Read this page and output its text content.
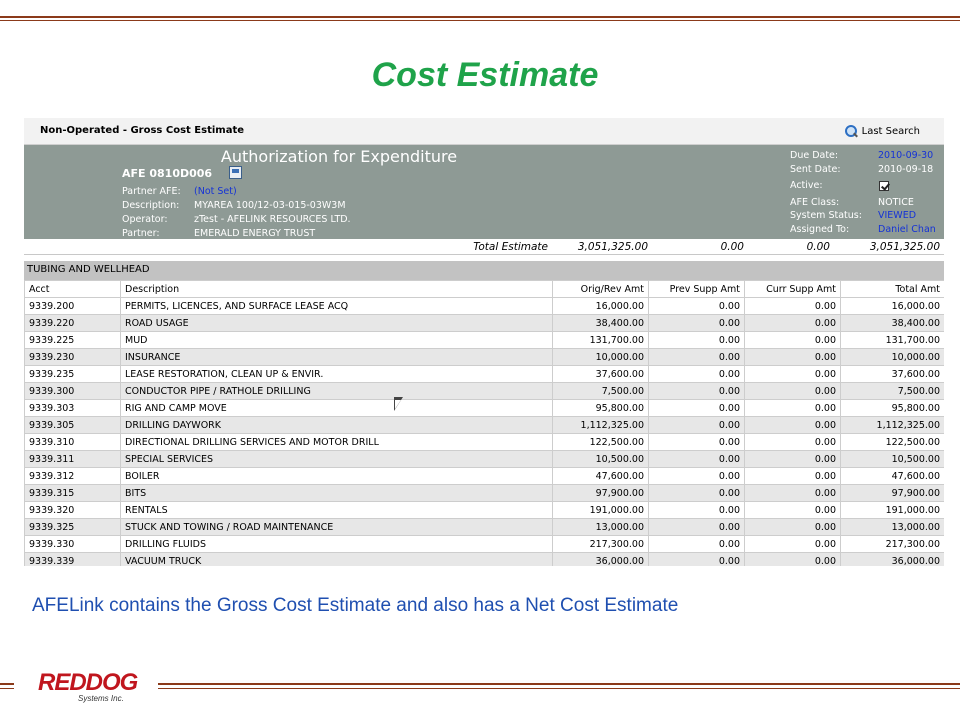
Cost Estimate
Non-Operated - Gross Cost Estimate	Last Search
Authorization for Expenditure
AFE 0810D006
Partner AFE: (Not Set)
Description: MYAREA 100/12-03-015-03W3M
Operator:	zTest - AFELINK RESOURCES LTD.
Partner:	EMERALD ENERGY TRUST
Due Date:	2010-09-30
Sent Date:	2010-09-18
Active:
AFE Class:	NOTICE
System Status: VIEWED
Assigned To:	Daniel Chan
Total Estimate	3,051,325.00	0.00	0.00	3,051,325.00
TUBING AND WELLHEAD
Acct	Description	Orig/Rev Amt	Prev Supp Amt	Curr Supp Amt	Total Amt
9339.200	PERMITS, LICENCES, AND SURFACE LEASE ACQ	16,000.00	0.00	0.00	16,000.00
9339.220	ROAD USAGE	38,400.00	0.00	0.00	38,400.00
9339.225	MUD	131,700.00	0.00	0.00	131,700.00
9339.230	INSURANCE	10,000.00	0.00	0.00	10,000.00
9339.235	LEASE RESTORATION, CLEAN UP & ENVIR.	37,600.00	0.00	0.00	37,600.00
9339.300	CONDUCTOR PIPE / RATHOLE DRILLING	7,500.00	0.00	0.00	7,500.00
9339.303	RIG AND CAMP MOVE	95,800.00	0.00	0.00	95,800.00
9339.305	DRILLING DAYWORK	1,112,325.00	0.00	0.00	1,112,325.00
9339.310	DIRECTIONAL DRILLING SERVICES AND MOTOR DRILL	122,500.00	0.00	0.00	122,500.00
9339.311	SPECIAL SERVICES	10,500.00	0.00	0.00	10,500.00
9339.312	BOILER	47,600.00	0.00	0.00	47,600.00
9339.315	BITS	97,900.00	0.00	0.00	97,900.00
9339.320	RENTALS	191,000.00	0.00	0.00	191,000.00
9339.325	STUCK AND TOWING / ROAD MAINTENANCE	13,000.00	0.00	0.00	13,000.00
9339.330	DRILLING FLUIDS	217,300.00	0.00	0.00	217,300.00
9339.339	VACUUM TRUCK	36,000.00	0.00	0.00	36,000.00
AFELink contains the Gross Cost Estimate and also has a Net Cost Estimate
REDDOG
Systems Inc.
